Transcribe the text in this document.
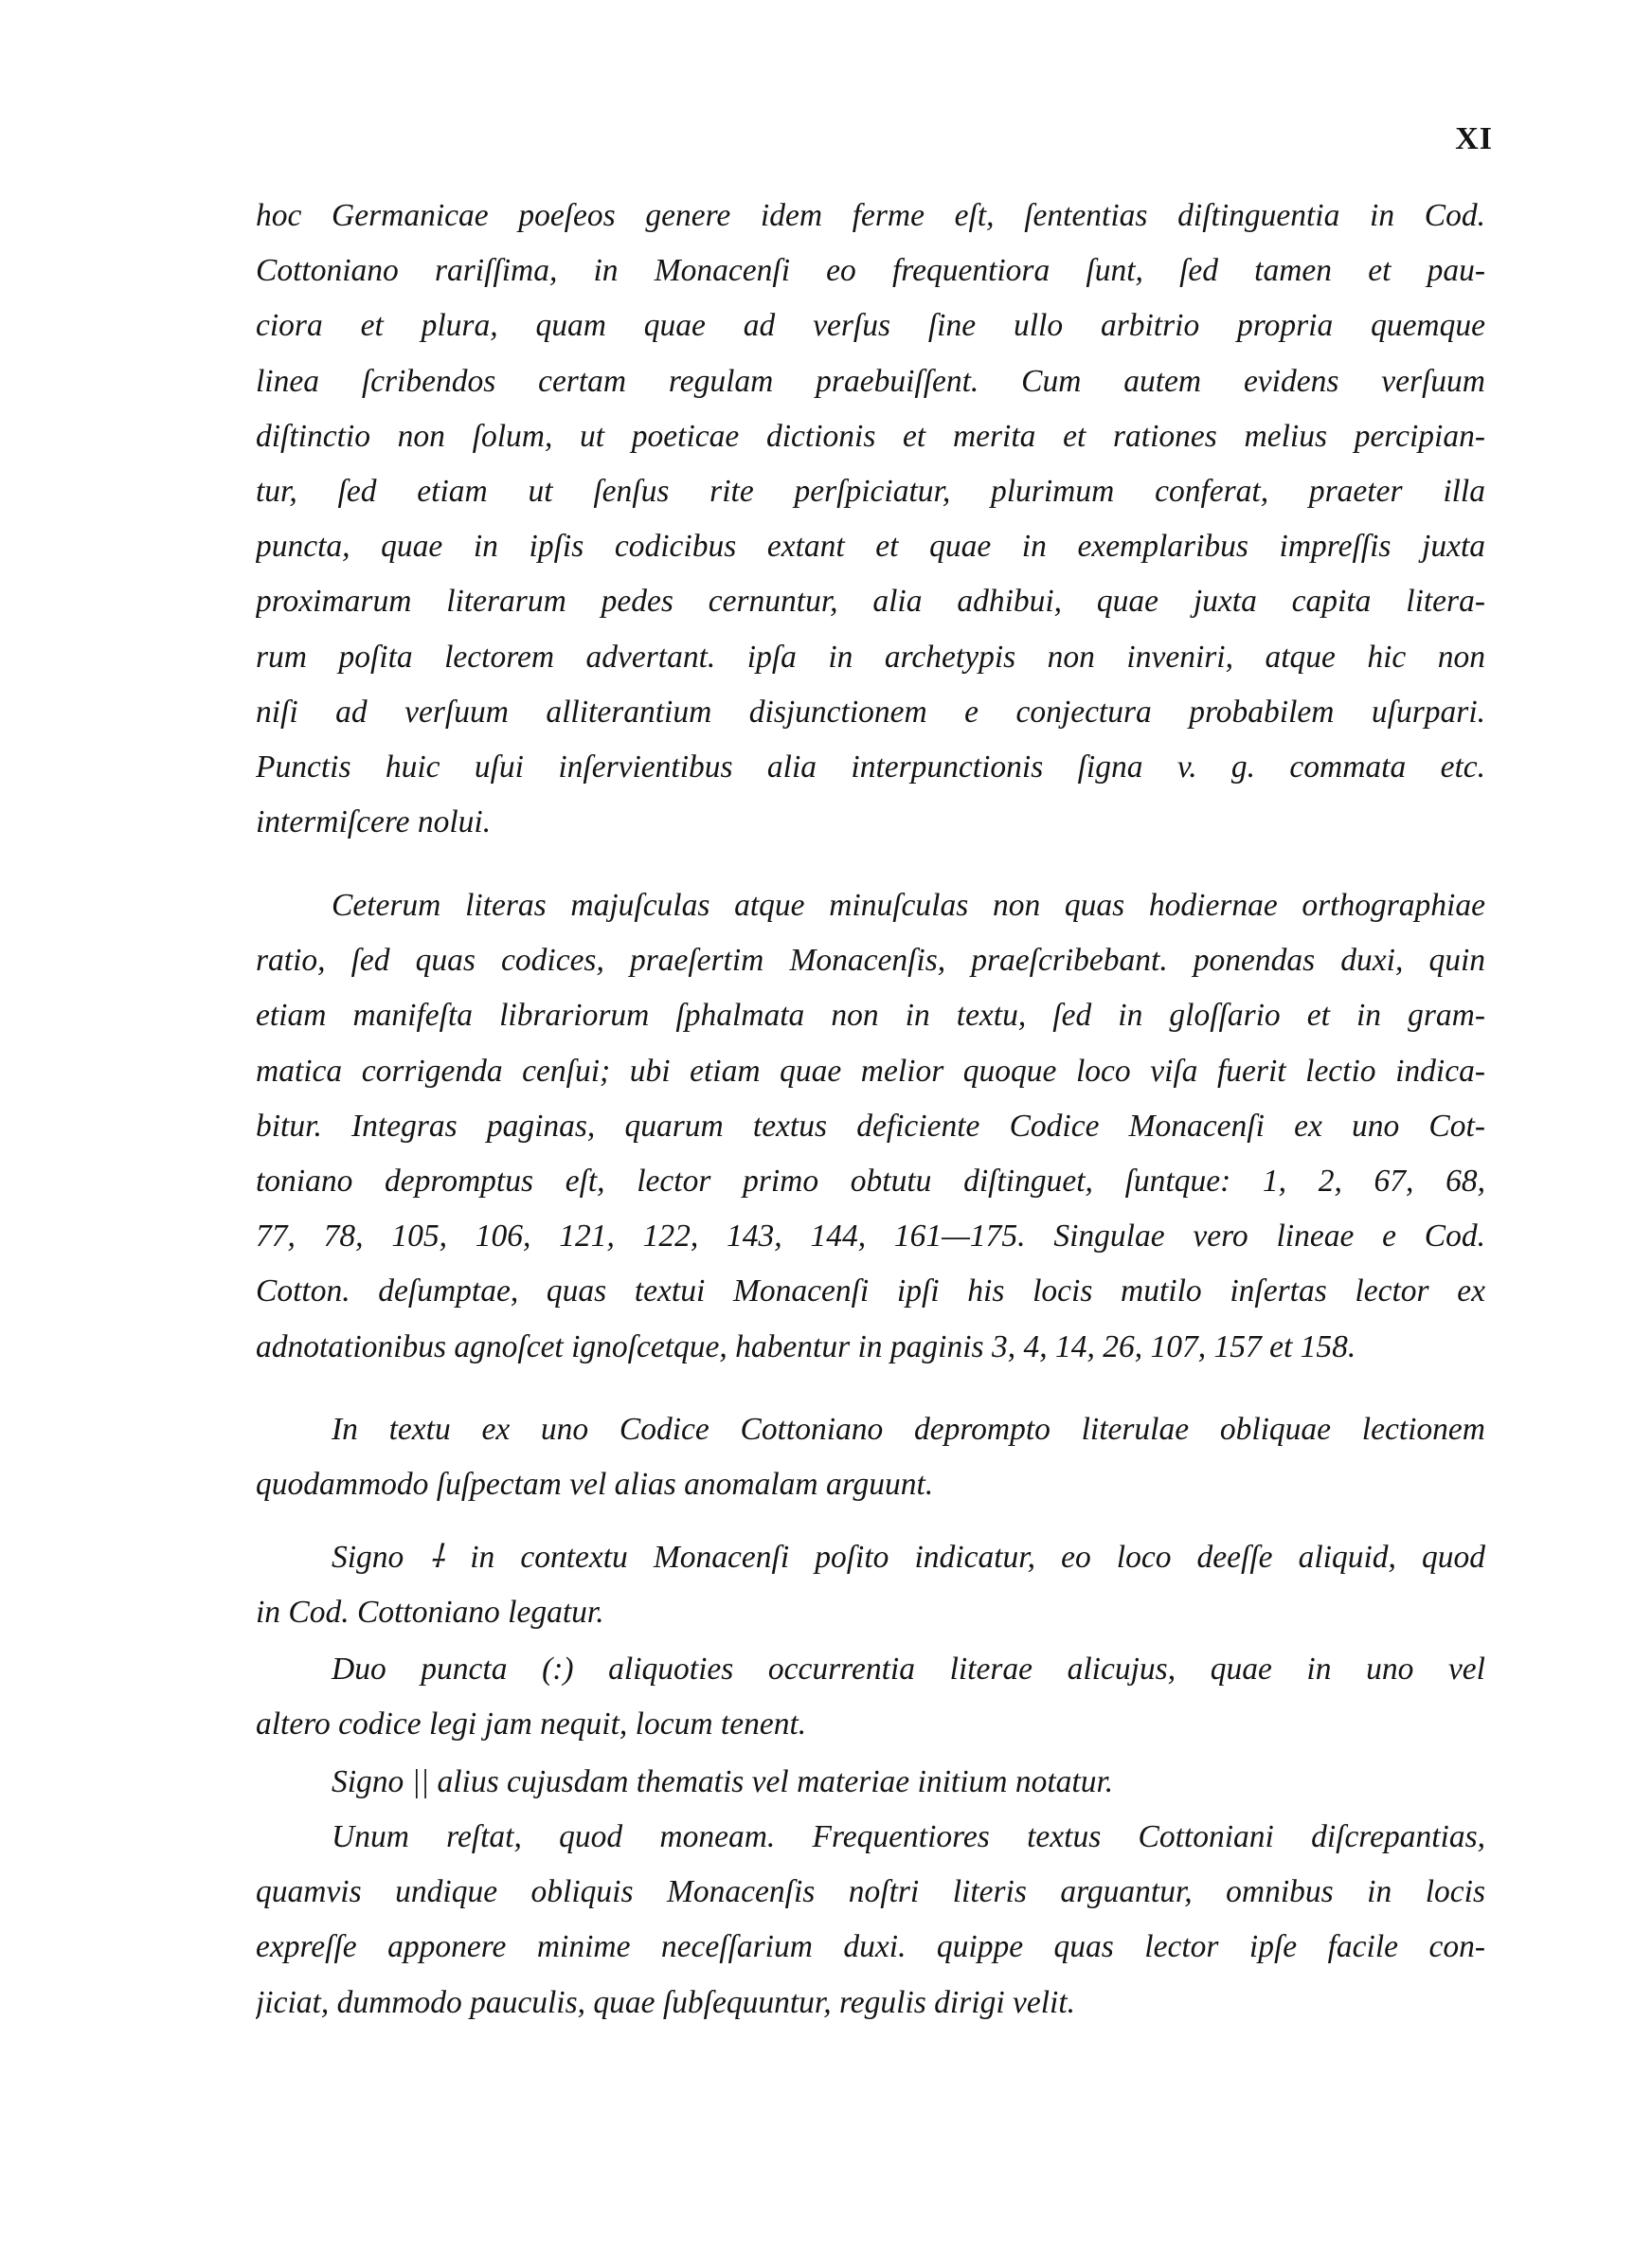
XI
hoc Germanicae poeſeos genere idem ferme eſt, ſententias diſtinguentia in Cod.
Cottoniano rariſſima, in Monacenſi eo frequentiora ſunt, ſed tamen et pau-
ciora et plura, quam quae ad verſus ſine ullo arbitrio propria quemque
linea ſcribendos certam regulam praebuiſſent. Cum autem evidens verſuum
diſtinctio non ſolum, ut poeticae dictionis et merita et rationes melius percipian-
tur, ſed etiam ut ſenſus rite perſpiciatur, plurimum conferat, praeter illa
puncta, quae in ipſis codicibus extant et quae in exemplaribus impreſſis juxta
proximarum literarum pedes cernuntur, alia adhibui, quae juxta capita litera-
rum poſita lectorem advertant. ipſa in archetypis non inveniri, atque hic non
niſi ad verſuum alliterantium disjunctionem e conjectura probabilem uſurpari.
Punctis huic uſui inſervientibus alia interpunctionis ſigna v. g. commata etc.
intermiſcere nolui.
Ceterum literas majuſculas atque minuſculas non quas hodiernae orthographiae
ratio, ſed quas codices, praeſertim Monacenſis, praeſcribebant. ponendas duxi, quin
etiam manifeſta librariorum ſphalmata non in textu, ſed in gloſſario et in gram-
matica corrigenda cenſui; ubi etiam quae melior quoque loco viſa fuerit lectio indica-
bitur. Integras paginas, quarum textus deficiente Codice Monacenſi ex uno Cot-
toniano depromptus eſt, lector primo obtutu diſtinguet, ſuntque: 1, 2, 67, 68,
77, 78, 105, 106, 121, 122, 143, 144, 161—175. Singulae vero lineae e Cod.
Cotton. deſumptae, quas textui Monacenſi ipſi his locis mutilo inſertas lector ex
adnotationibus agnoſcet ignoſcetque, habentur in paginis 3, 4, 14, 26, 107, 157 et 158.
In textu ex uno Codice Cottoniano deprompto literulae obliquae lectionem
quodammodo ſuſpectam vel alias anomalam arguunt.
Signo ⸸ in contextu Monacenſi poſito indicatur, eo loco deeſſe aliquid, quod
in Cod. Cottoniano legatur.
Duo puncta (:) aliquoties occurrentia literae alicujus, quae in uno vel
altero codice legi jam nequit, locum tenent.
Signo || alius cujusdam thematis vel materiae initium notatur.
Unum reſtat, quod moneam. Frequentiores textus Cottoniani diſcrepantias,
quamvis undique obliquis Monacenſis noſtri literis arguantur, omnibus in locis
expreſſe apponere minime neceſſarium duxi. quippe quas lector ipſe facile con-
jiciat, dummodo pauculis, quae ſubſequuntur, regulis dirigi velit.
